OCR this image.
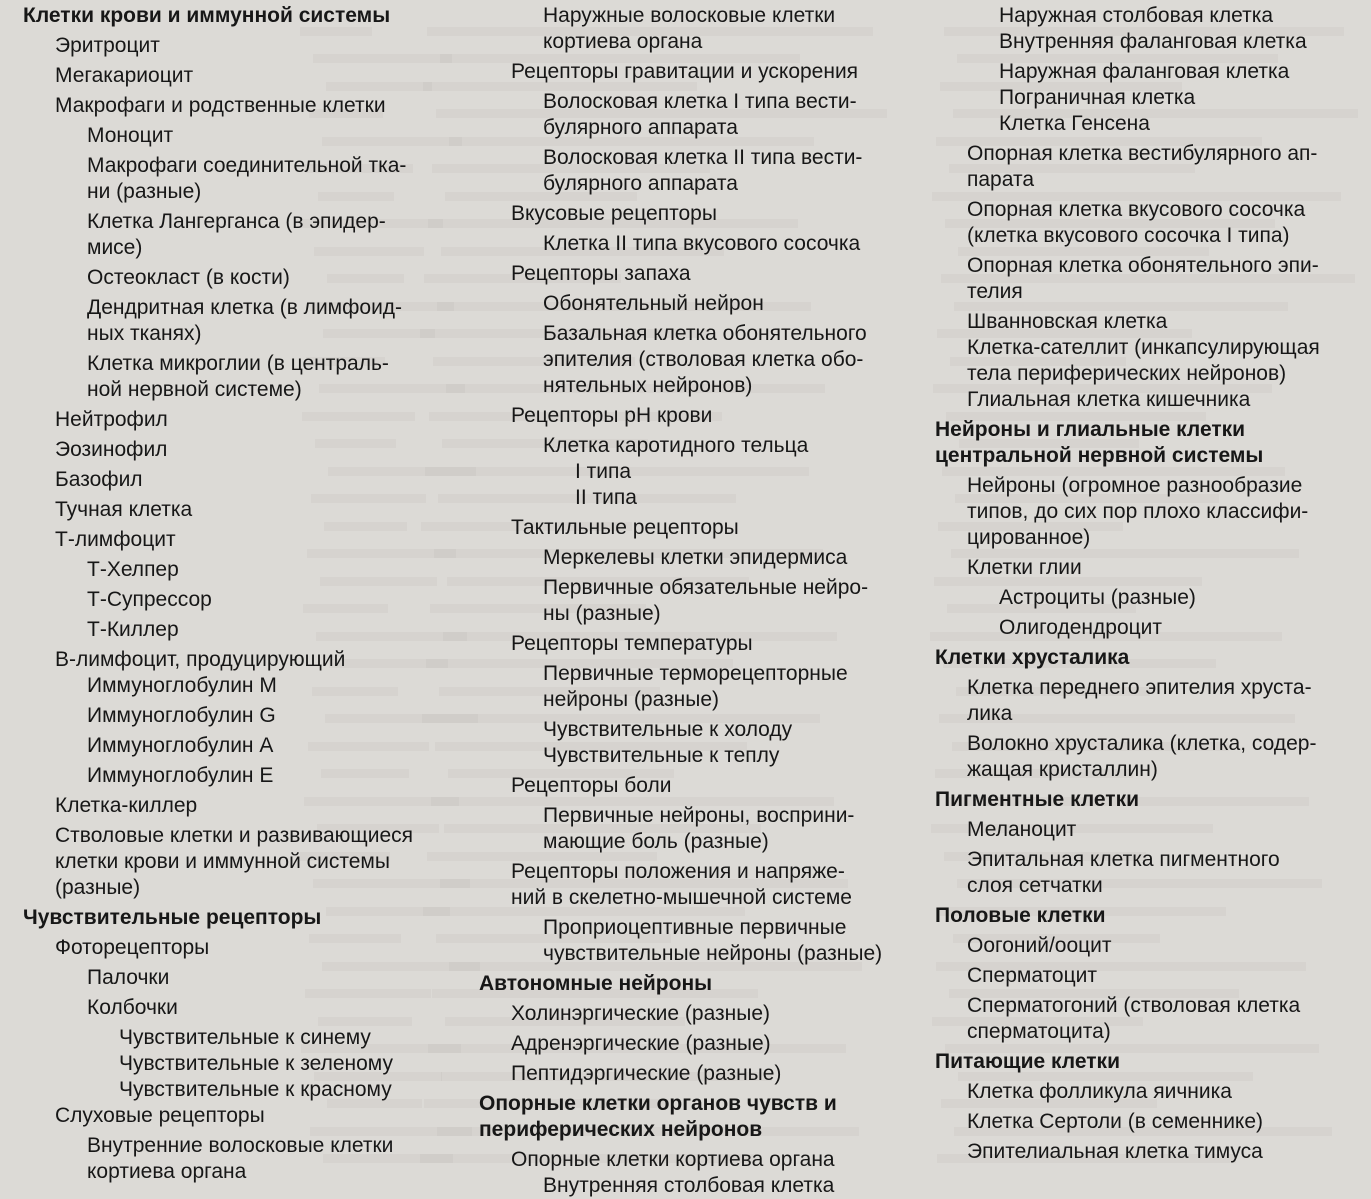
Клетки крови и иммунной системы
Эритроцит
Мегакариоцит
Макрофаги и родственные клетки
Моноцит
Макрофаги соединительной тка-
ни (разные)
Клетка Лангерганса (в эпидер-
мисе)
Остеокласт (в кости)
Дендритная клетка (в лимфоид-
ных тканях)
Клетка микроглии (в централь-
ной нервной системе)
Нейтрофил
Эозинофил
Базофил
Тучная клетка
Т-лимфоцит
Т-Хелпер
Т-Супрессор
Т-Киллер
В-лимфоцит, продуцирующий
Иммуноглобулин М
Иммуноглобулин G
Иммуноглобулин А
Иммуноглобулин Е
Клетка-киллер
Стволовые клетки и развивающиеся
клетки крови и иммунной системы
(разные)
Чувствительные рецепторы
Фоторецепторы
Палочки
Колбочки
Чувствительные к синему
Чувствительные к зеленому
Чувствительные к красному
Слуховые рецепторы
Внутренние волосковые клетки
кортиева органа
Наружные волосковые клетки
кортиева органа
Рецепторы гравитации и ускорения
Волосковая клетка I типа вести-
булярного аппарата
Волосковая клетка II типа вести-
булярного аппарата
Вкусовые рецепторы
Клетка II типа вкусового сосочка
Рецепторы запаха
Обонятельный нейрон
Базальная клетка обонятельного
эпителия (стволовая клетка обо-
нятельных нейронов)
Рецепторы pH крови
Клетка каротидного тельца
I типа
II типа
Тактильные рецепторы
Меркелевы клетки эпидермиса
Первичные обязательные нейро-
ны (разные)
Рецепторы температуры
Первичные терморецепторные
нейроны (разные)
Чувствительные к холоду
Чувствительные к теплу
Рецепторы боли
Первичные нейроны, восприни-
мающие боль (разные)
Рецепторы положения и напряже-
ний в скелетно-мышечной системе
Проприоцептивные первичные
чувствительные нейроны (разные)
Автономные нейроны
Холинэргические (разные)
Адренэргические (разные)
Пептидэргические (разные)
Опорные клетки органов чувств и
периферических нейронов
Опорные клетки кортиева органа
Внутренняя столбовая клетка
Наружная столбовая клетка
Внутренняя фаланговая клетка
Наружная фаланговая клетка
Пограничная клетка
Клетка Генсена
Опорная клетка вестибулярного ап-
парата
Опорная клетка вкусового сосочка
(клетка вкусового сосочка I типа)
Опорная клетка обонятельного эпи-
телия
Шванновская клетка
Клетка-сателлит (инкапсулирующая
тела периферических нейронов)
Глиальная клетка кишечника
Нейроны и глиальные клетки
центральной нервной системы
Нейроны (огромное разнообразие
типов, до сих пор плохо классифи-
цированное)
Клетки глии
Астроциты (разные)
Олигодендроцит
Клетки хрусталика
Клетка переднего эпителия хруста-
лика
Волокно хрусталика (клетка, содер-
жащая кристаллин)
Пигментные клетки
Меланоцит
Эпитальная клетка пигментного
слоя сетчатки
Половые клетки
Оогоний/ооцит
Сперматоцит
Сперматогоний (стволовая клетка
сперматоцита)
Питающие клетки
Клетка фолликула яичника
Клетка Сертоли (в семеннике)
Эпителиальная клетка тимуса
